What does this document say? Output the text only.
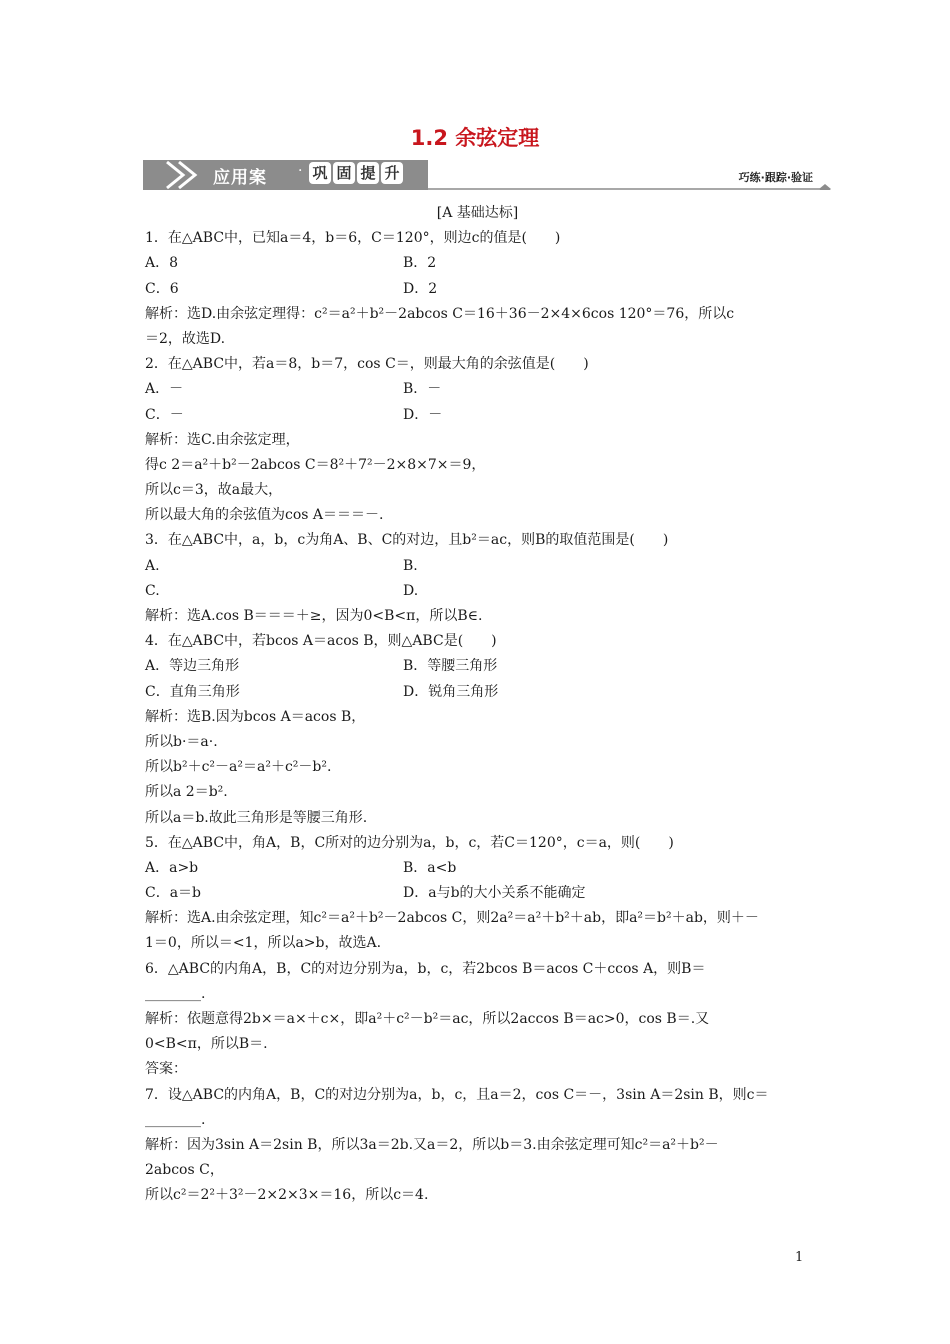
1.2 余弦定理
应用案 · 巩 固 提 升	巧练·跟踪·验证
[A 基础达标]
1．在△ABC中，已知a＝4，b＝6，C＝120°，则边c的值是(　　)
A．8	B．2
C．6	D．2
解析：选D.由余弦定理得：c²＝a²＋b²－2abcos C＝16＋36－2×4×6cos 120°＝76，所以c
＝2，故选D.
2．在△ABC中，若a＝8，b＝7，cos C＝，则最大角的余弦值是(　　)
A．－	B．－
C．－	D．－
解析：选C.由余弦定理，
得c 2＝a²＋b²－2abcos C＝8²＋7²－2×8×7×＝9，
所以c＝3，故a最大，
所以最大角的余弦值为cos A＝＝＝－.
3．在△ABC中，a，b，c为角A、B、C的对边，且b²＝ac，则B的取值范围是(　　)
A.	B.
C.	D.
解析：选A.cos B＝＝＝＋≥，因为0<B<π，所以B∈.
4．在△ABC中，若bcos A＝acos B，则△ABC是(　　)
A．等边三角形	B．等腰三角形
C．直角三角形	D．锐角三角形
解析：选B.因为bcos A＝acos B，
所以b·＝a·.
所以b²＋c²－a²＝a²＋c²－b².
所以a 2＝b².
所以a＝b.故此三角形是等腰三角形.
5．在△ABC中，角A，B，C所对的边分别为a，b，c，若C＝120°，c＝a，则(　　)
A．a>b	B．a<b
C．a＝b	D．a与b的大小关系不能确定
解析：选A.由余弦定理，知c²＝a²＋b²－2abcos C，则2a²＝a²＋b²＋ab，即a²＝b²＋ab，则＋－
1＝0，所以＝<1，所以a>b，故选A.
6．△ABC的内角A，B，C的对边分别为a，b，c，若2bcos B＝acos C＋ccos A，则B＝
________.
解析：依题意得2b×＝a×＋c×，即a²＋c²－b²＝ac，所以2accos B＝ac>0，cos B＝.又
0<B<π，所以B＝.
答案：
7．设△ABC的内角A，B，C的对边分别为a，b，c，且a＝2，cos C＝－，3sin A＝2sin B，则c＝
________.
解析：因为3sin A＝2sin B，所以3a＝2b.又a＝2，所以b＝3.由余弦定理可知c²＝a²＋b²－
2abcos C，
所以c²＝2²＋3²－2×2×3×＝16，所以c＝4.
1
